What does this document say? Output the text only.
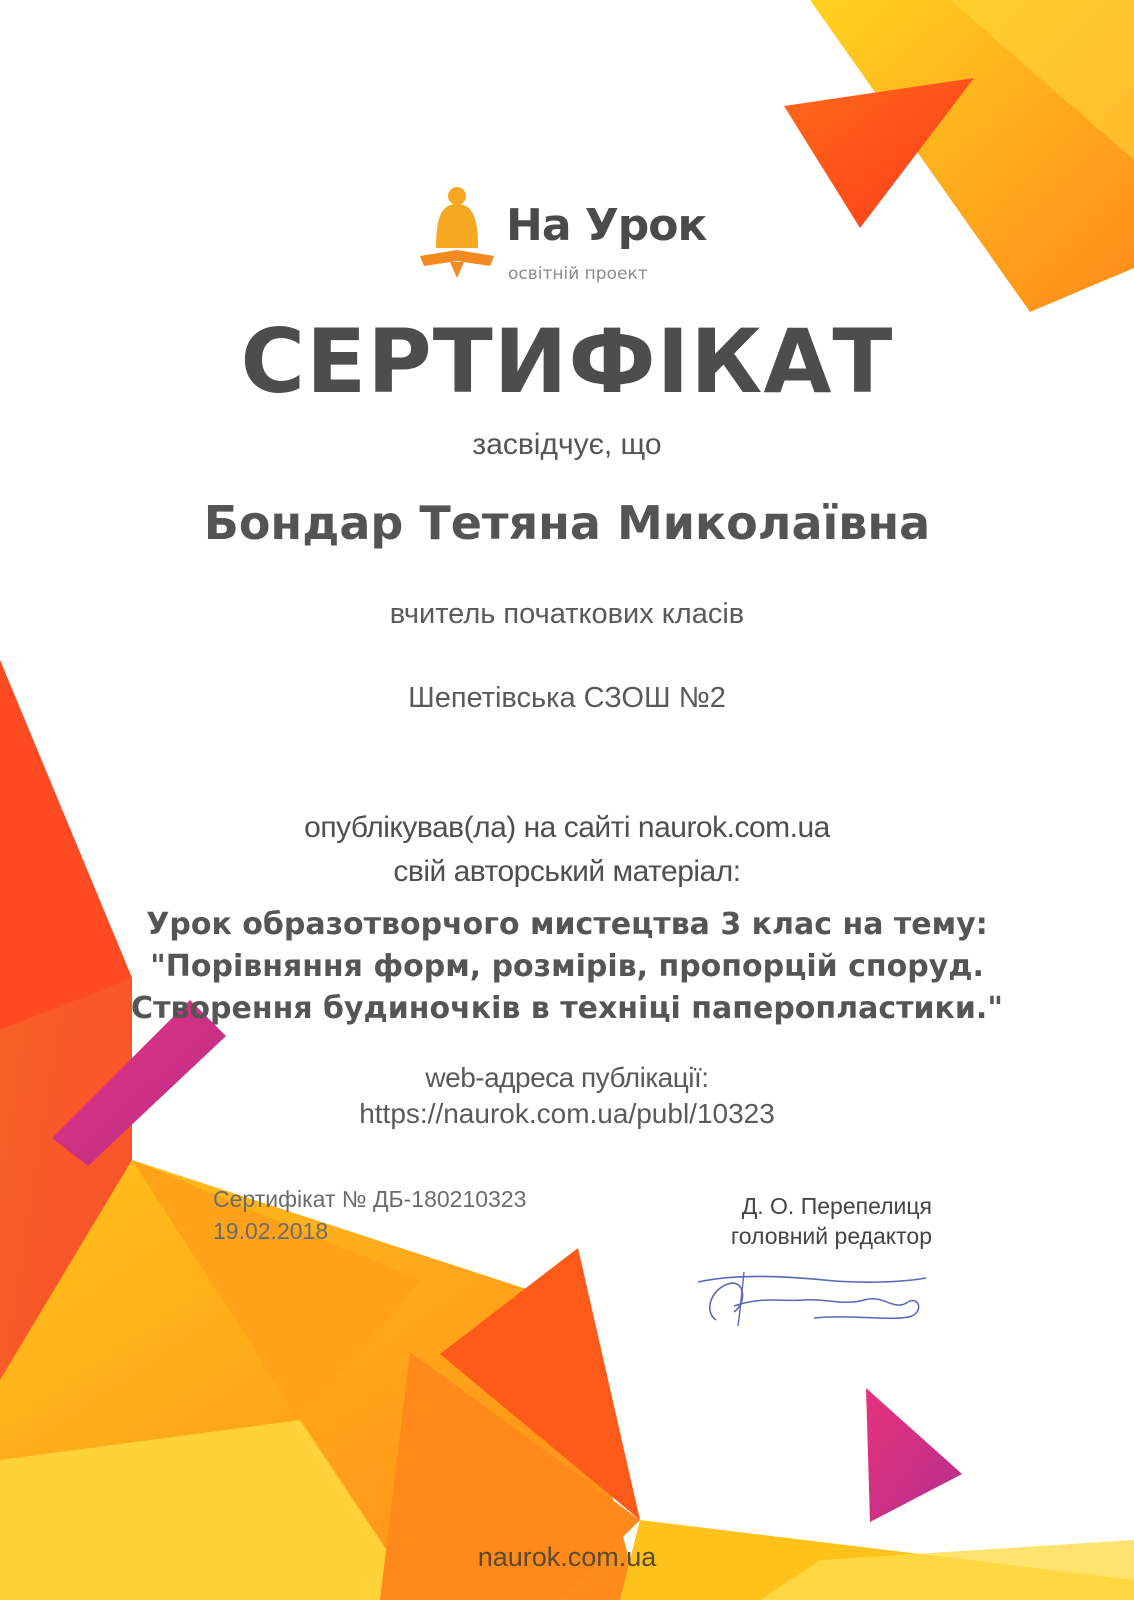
На Урок
освітній проект
СЕРТИФІКАТ
засвідчує, що
Бондар Тетяна Миколаївна
вчитель початкових класів
Шепетівська СЗОШ №2
опублікував(ла) на сайті naurok.com.ua
свій авторський матеріал:
Урок образотворчого мистецтва 3 клас на тему: "Порівняння форм, розмірів, пропорцій споруд. Створення будиночків в техніці паперопластики."
web-адреса публікації:
https://naurok.com.ua/publ/10323
Сертифікат № ДБ-180210323
19.02.2018
Д. О. Перепелиця
головний редактор
naurok.com.ua
